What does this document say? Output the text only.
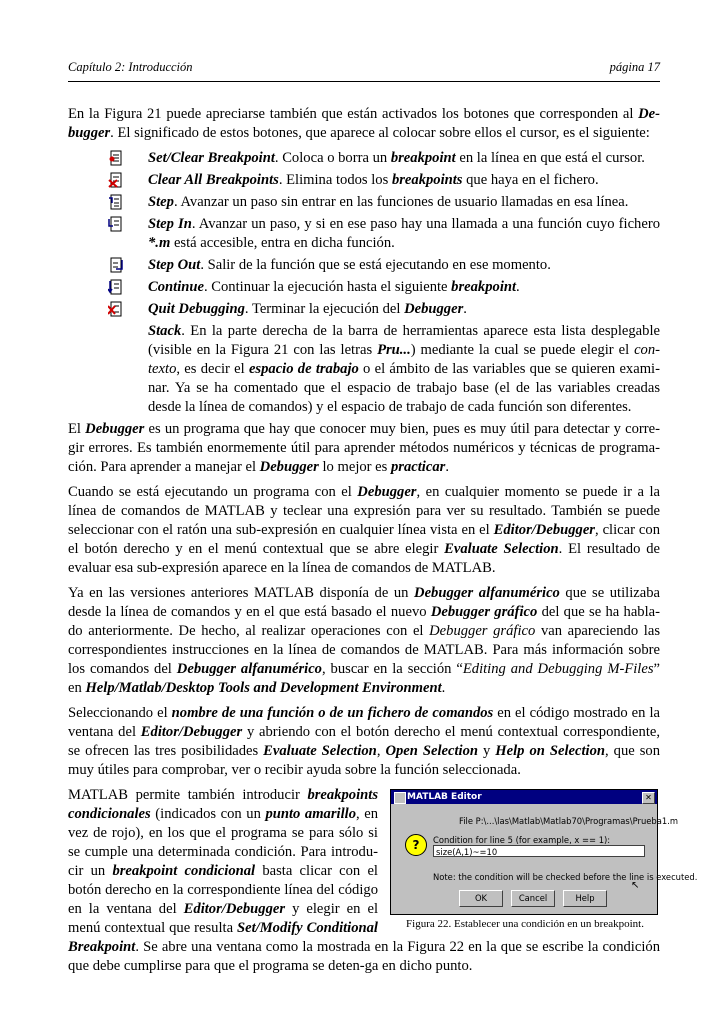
Capítulo 2: Introducción	página 17

En la Figura 21 puede apreciarse también que están activados los botones que corresponden al De-bugger. El significado de estos botones, que aparece al colocar sobre ellos el cursor, es el siguiente:

Set/Clear Breakpoint. Coloca o borra un breakpoint en la línea en que está el cursor.
Clear All Breakpoints. Elimina todos los breakpoints que haya en el fichero.
Step. Avanzar un paso sin entrar en las funciones de usuario llamadas en esa línea.
Step In. Avanzar un paso, y si en ese paso hay una llamada a una función cuyo fichero *.m está accesible, entra en dicha función.
Step Out. Salir de la función que se está ejecutando en ese momento.
Continue. Continuar la ejecución hasta el siguiente breakpoint.
Quit Debugging. Terminar la ejecución del Debugger.
Stack. En la parte derecha de la barra de herramientas aparece esta lista desplegable (visible en la Figura 21 con las letras Pru...) mediante la cual se puede elegir el con-texto, es decir el espacio de trabajo o el ámbito de las variables que se quieren exami-nar. Ya se ha comentado que el espacio de trabajo base (el de las variables creadas desde la línea de comandos) y el espacio de trabajo de cada función son diferentes.

El Debugger es un programa que hay que conocer muy bien, pues es muy útil para detectar y corre-gir errores. Es también enormemente útil para aprender métodos numéricos y técnicas de programa-ción. Para aprender a manejar el Debugger lo mejor es practicar.

Cuando se está ejecutando un programa con el Debugger, en cualquier momento se puede ir a la línea de comandos de MATLAB y teclear una expresión para ver su resultado. También se puede seleccionar con el ratón una sub-expresión en cualquier línea vista en el Editor/Debugger, clicar con el botón derecho y en el menú contextual que se abre elegir Evaluate Selection. El resultado de evaluar esa sub-expresión aparece en la línea de comandos de MATLAB.

Ya en las versiones anteriores MATLAB disponía de un Debugger alfanumérico que se utilizaba desde la línea de comandos y en el que está basado el nuevo Debugger gráfico del que se ha habla-do anteriormente. De hecho, al realizar operaciones con el Debugger gráfico van apareciendo las correspondientes instrucciones en la línea de comandos de MATLAB. Para más información sobre los comandos del Debugger alfanumérico, buscar en la sección “Editing and Debugging M-Files” en Help/Matlab/Desktop Tools and Development Environment.

Seleccionando el nombre de una función o de un fichero de comandos en el código mostrado en la ventana del Editor/Debugger y abriendo con el botón derecho el menú contextual correspondiente, se ofrecen las tres posibilidades Evaluate Selection, Open Selection y Help on Selection, que son muy útiles para comprobar, ver o recibir ayuda sobre la función seleccionada.

MATLAB Editor	✕
File P:\...\las\Matlab\Matlab70\Programas\Prueba1.m
Condition for line 5 (for example, x == 1):
?	size(A,1)~=10
Note: the condition will be checked before the line is executed.
OK	Cancel	Help
↖
Figura 22. Establecer una condición en un breakpoint.

MATLAB permite también introducir breakpoints condicionales (indicados con un punto amarillo, en vez de rojo), en los que el programa se para sólo si se cumple una determinada condición. Para introdu-cir un breakpoint condicional basta clicar con el botón derecho en la correspondiente línea del código en la ventana del Editor/Debugger y elegir en el menú contextual que resulta Set/Modify Conditional Breakpoint. Se abre una ventana como la mostrada en la Figura 22 en la que se escribe la condición que debe cumplirse para que el programa se deten-ga en dicho punto.
